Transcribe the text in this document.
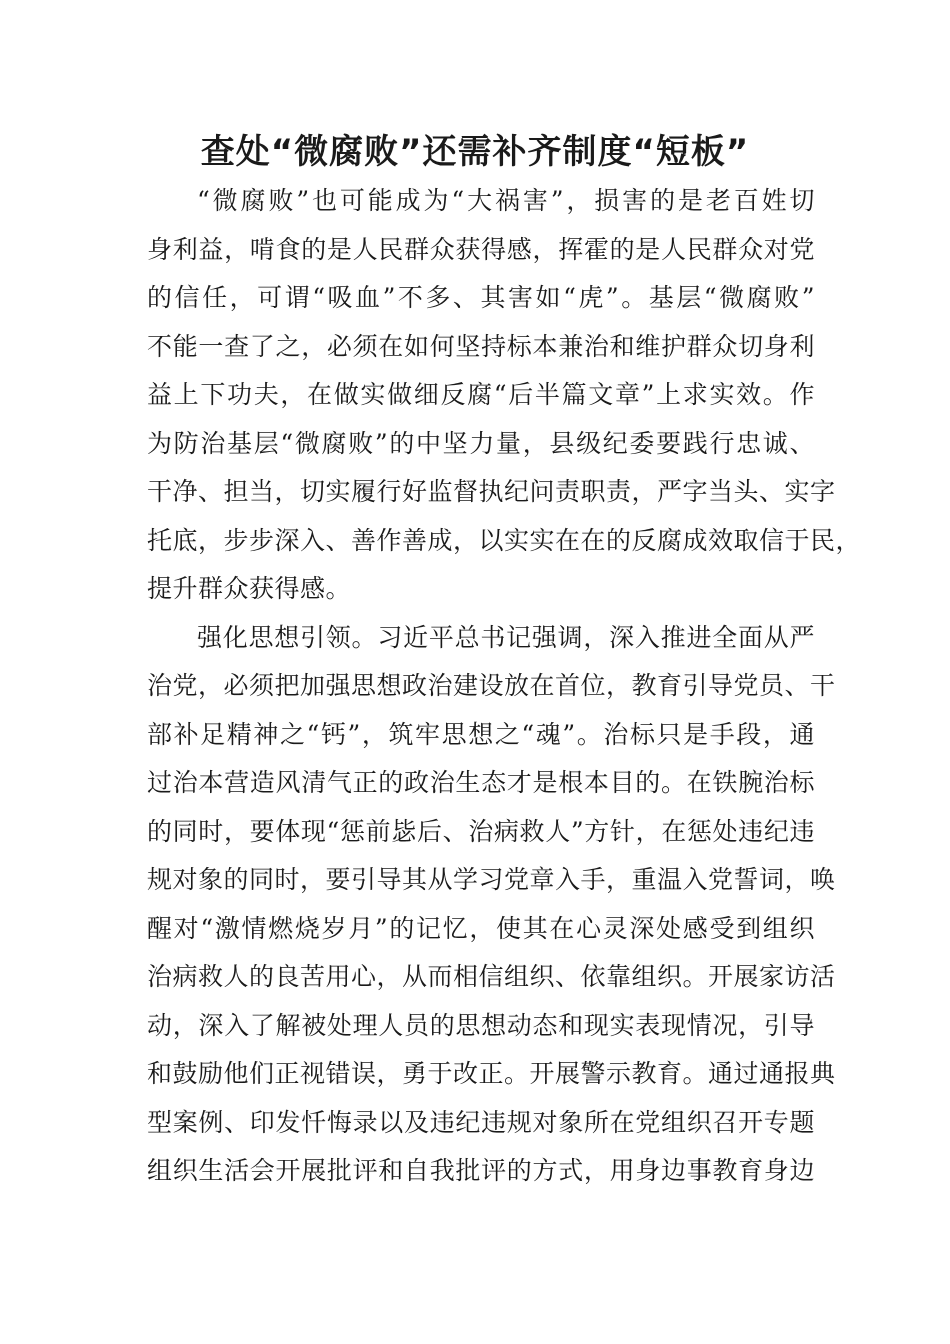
查处“微腐败”还需补齐制度“短板”
“微腐败”也可能成为“大祸害”，损害的是老百姓切
身利益，啃食的是人民群众获得感，挥霍的是人民群众对党
的信任，可谓“吸血”不多、其害如“虎”。基层“微腐败”
不能一查了之，必须在如何坚持标本兼治和维护群众切身利
益上下功夫，在做实做细反腐“后半篇文章”上求实效。作
为防治基层“微腐败”的中坚力量，县级纪委要践行忠诚、
干净、担当，切实履行好监督执纪问责职责，严字当头、实字
托底，步步深入、善作善成，以实实在在的反腐成效取信于民，
提升群众获得感。
强化思想引领。习近平总书记强调，深入推进全面从严
治党，必须把加强思想政治建设放在首位，教育引导党员、干
部补足精神之“钙”，筑牢思想之“魂”。治标只是手段，通
过治本营造风清气正的政治生态才是根本目的。在铁腕治标
的同时，要体现“惩前毖后、治病救人”方针，在惩处违纪违
规对象的同时，要引导其从学习党章入手，重温入党誓词，唤
醒对“激情燃烧岁月”的记忆，使其在心灵深处感受到组织
治病救人的良苦用心，从而相信组织、依靠组织。开展家访活
动，深入了解被处理人员的思想动态和现实表现情况，引导
和鼓励他们正视错误，勇于改正。开展警示教育。通过通报典
型案例、印发忏悔录以及违纪违规对象所在党组织召开专题
组织生活会开展批评和自我批评的方式，用身边事教育身边
